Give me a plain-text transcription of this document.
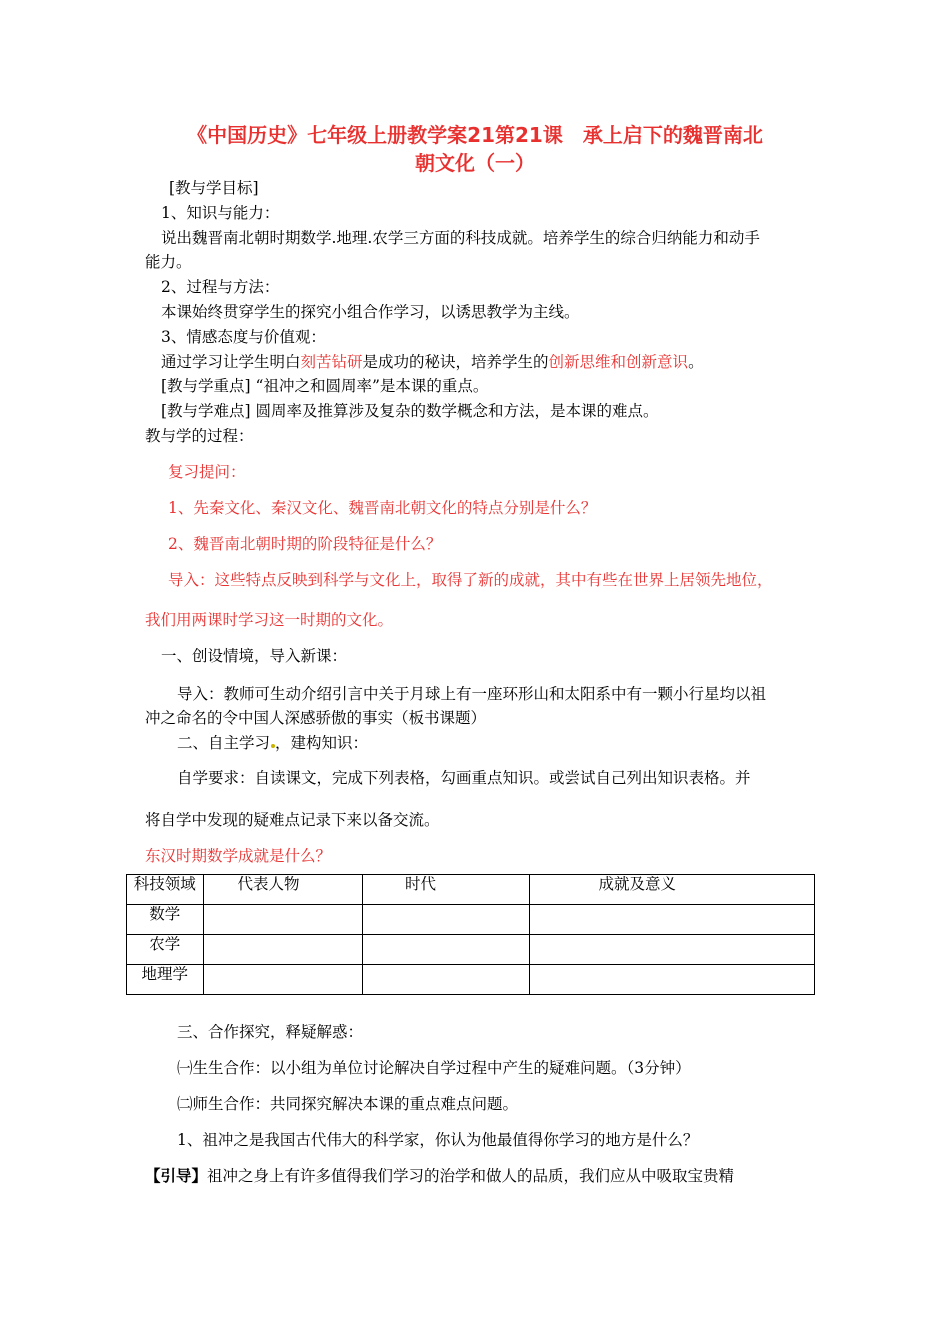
《中国历史》七年级上册教学案21第21课　承上启下的魏晋南北
朝文化（一）
[教与学目标]
1、知识与能力：
说出魏晋南北朝时期数学.地理.农学三方面的科技成就。培养学生的综合归纳能力和动手
能力。
2、过程与方法：
本课始终贯穿学生的探究小组合作学习，以诱思教学为主线。
3、情感态度与价值观：
通过学习让学生明白刻苦钻研是成功的秘诀，培养学生的创新思维和创新意识。
[教与学重点] “祖冲之和圆周率”是本课的重点。
[教与学难点] 圆周率及推算涉及复杂的数学概念和方法，是本课的难点。
教与学的过程：
复习提问：
1、先秦文化、秦汉文化、魏晋南北朝文化的特点分别是什么？
2、魏晋南北朝时期的阶段特征是什么？
导入：这些特点反映到科学与文化上，取得了新的成就，其中有些在世界上居领先地位，
我们用两课时学习这一时期的文化。
一、创设情境，导入新课：
导入：教师可生动介绍引言中关于月球上有一座环形山和太阳系中有一颗小行星均以祖
冲之命名的令中国人深感骄傲的事实（板书课题）
二、自主学习 ，建构知识：
自学要求：自读课文，完成下列表格，勾画重点知识。或尝试自己列出知识表格。并
将自学中发现的疑难点记录下来以备交流。
东汉时期数学成就是什么？
科技领域	代表人物	时代	成就及意义
数学			
农学			
地理学			
三、合作探究，释疑解惑：
㈠生生合作：以小组为单位讨论解决自学过程中产生的疑难问题。（3分钟）
㈡师生合作：共同探究解决本课的重点难点问题。
1、祖冲之是我国古代伟大的科学家，你认为他最值得你学习的地方是什么？
【引导】祖冲之身上有许多值得我们学习的治学和做人的品质，我们应从中吸取宝贵精
